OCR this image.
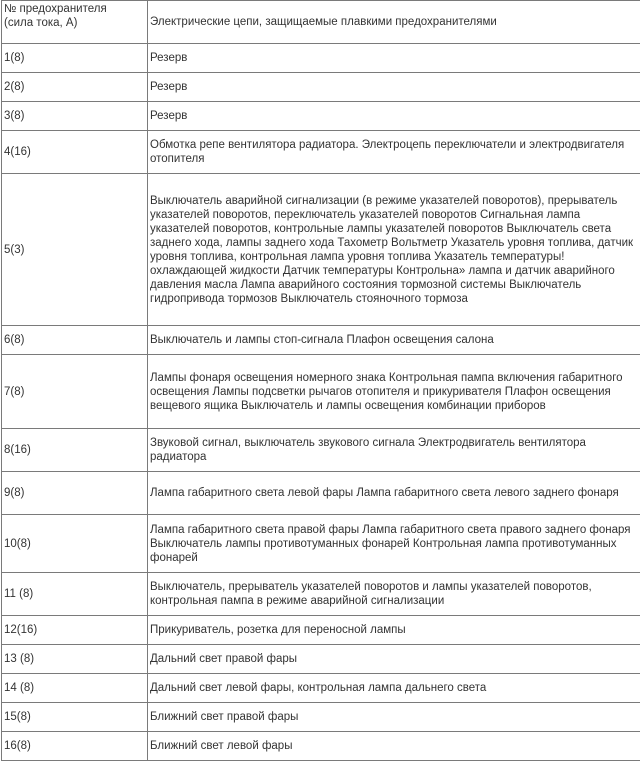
№ предохранителя
(сила тока, А)	Электрические цепи, защищаемые плавкими предохранителями
1(8)	Резерв
2(8)	Резерв
3(8)	Резерв
4(16)	Обмотка репе вентилятора радиатора. Электроцепь переключатели и электродвигателя отопителя
5(3)	Выключатель аварийной сигнализации (в режиме указателей поворотов), прерыватель указателей поворотов, переключатель указателей поворотов Сигнальная лампа указателей поворотов, контрольные лампы указателей поворотов Выключатель света заднего хода, лампы заднего хода Тахометр Вольтметр Указатель уровня топлива, датчик уровня топлива, контрольная лампа уровня топлива Указатель температуры! охлаждающей жидкости Датчик температуры Контрольна» лампа и датчик аварийного давления масла Лампа аварийного состояния тормозной системы Выключатель гидропривода тормозов Выключатель стояночного тормоза
6(8)	Выключатель и лампы стоп-сигнала Плафон освещения салона
7(8)	Лампы фонаря освещения номерного знака Контрольная пампа включения габаритного освещения Лампы подсветки рычагов отопителя и прикуривателя Плафон освещения вещевого ящика Выключатель и лампы освещения комбинации приборов
8(16)	Звуковой сигнал, выключатель звукового сигнала Электродвигатель вентилятора радиатора
9(8)	Лампа габаритного света левой фары Лампа габаритного света левого заднего фонаря
10(8)	Лампа габаритного света правой фары Лампа габаритного света правого заднего фонаря Выключатель лампы противотуманных фонарей Контрольная лампа противотуманных фонарей
11 (8)	Выключатель, прерыватель указателей поворотов и лампы указателей поворотов, контрольная пампа в режиме аварийной сигнализации
12(16)	Прикуриватель, розетка для переносной лампы
13 (8)	Дальний свет правой фары
14 (8)	Дальний свет левой фары, контрольная лампа дальнего света
15(8)	Ближний свет правой фары
16(8)	Ближний свет левой фары
